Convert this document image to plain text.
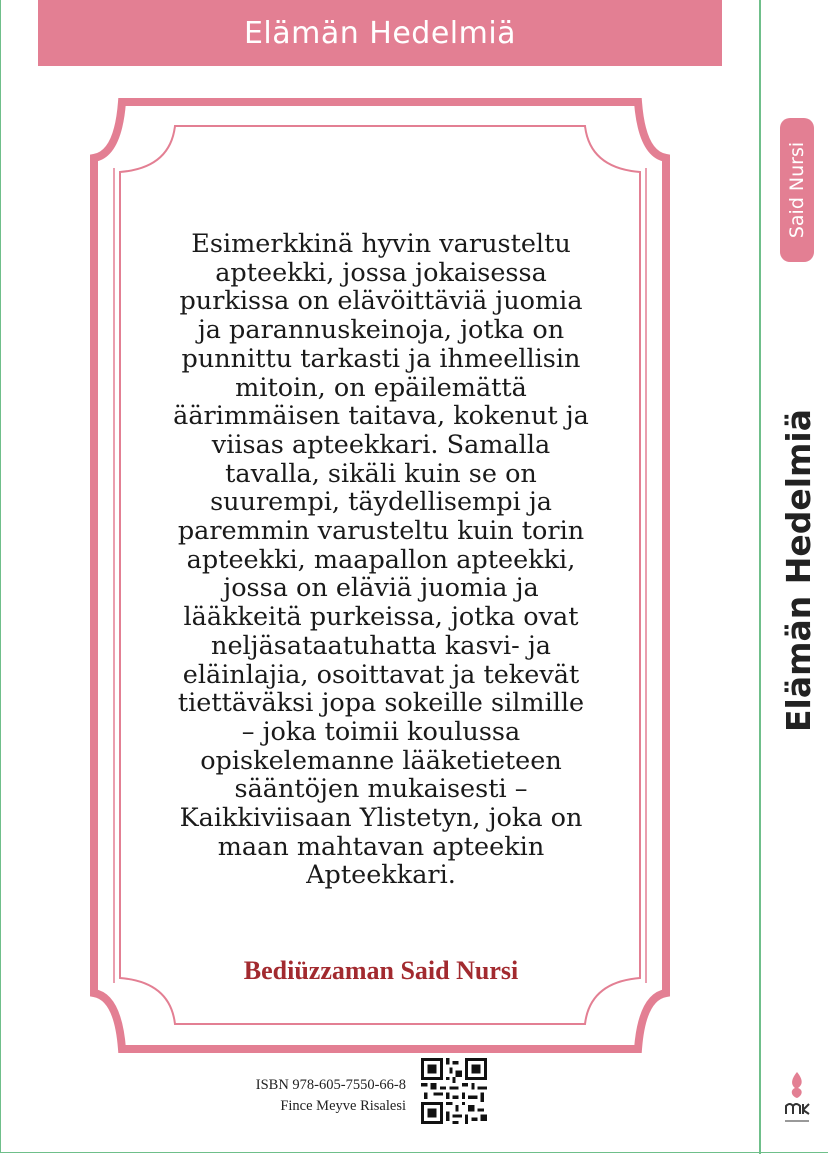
Elämän Hedelmiä
Esimerkkinä hyvin varusteltu
apteekki, jossa jokaisessa
purkissa on elävöittäviä juomia
ja parannuskeinoja, jotka on
punnittu tarkasti ja ihmeellisin
mitoin, on epäilemättä
äärimmäisen taitava, kokenut ja
viisas apteekkari. Samalla
tavalla, sikäli kuin se on
suurempi, täydellisempi ja
paremmin varusteltu kuin torin
apteekki, maapallon apteekki,
jossa on eläviä juomia ja
lääkkeitä purkeissa, jotka ovat
neljäsataatuhatta kasvi- ja
eläinlajia, osoittavat ja tekevät
tiettäväksi jopa sokeille silmille
– joka toimii koulussa
opiskelemanne lääketieteen
sääntöjen mukaisesti –
Kaikkiviisaan Ylistetyn, joka on
maan mahtavan apteekin
Apteekkari.
Bediüzzaman Said Nursi
ISBN 978-605-7550-66-8
Fince Meyve Risalesi
Said Nursi
Elämän Hedelmiä
